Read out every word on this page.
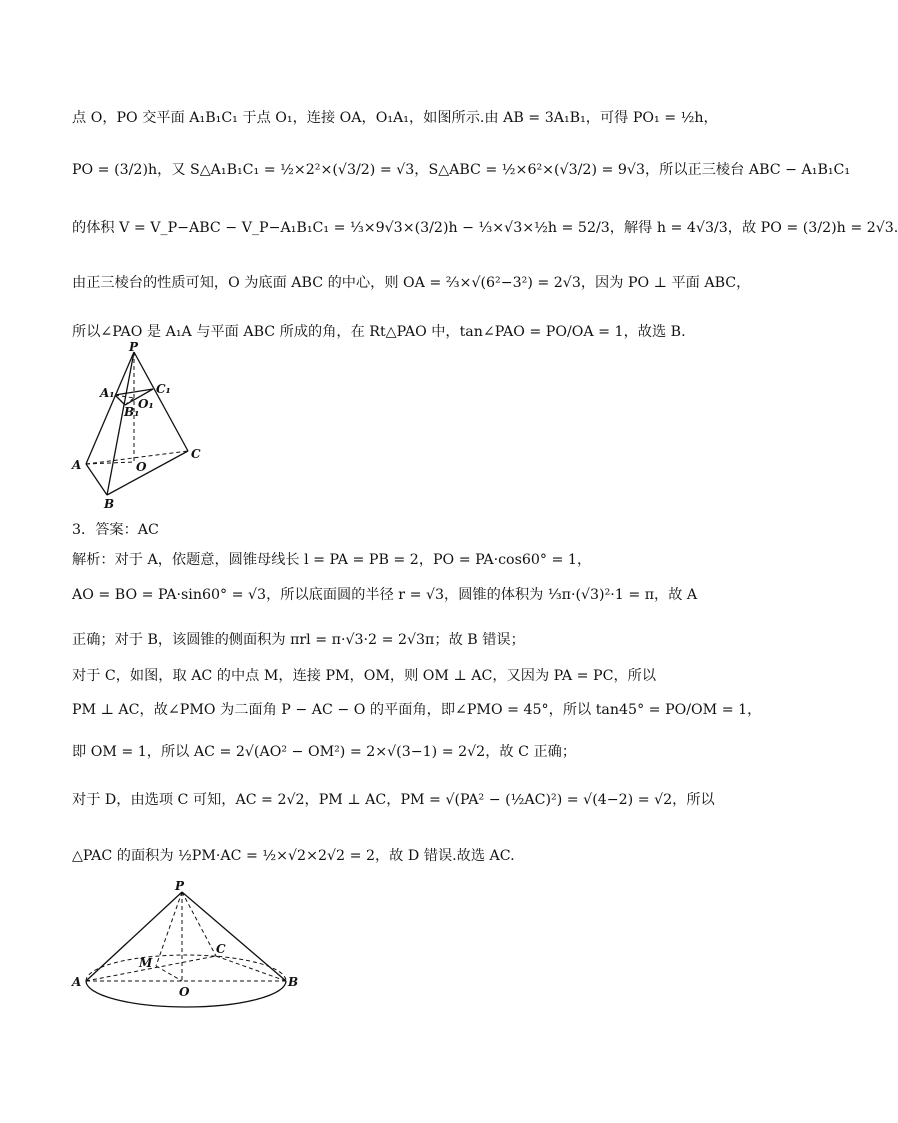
点 O，PO 交平面 A₁B₁C₁ 于点 O₁，连接 OA，O₁A₁，如图所示.由 AB = 3A₁B₁，可得 PO₁ = ½h，
PO = (3/2)h，又 S△A₁B₁C₁ = ½×2²×(√3/2) = √3，S△ABC = ½×6²×(√3/2) = 9√3，所以正三棱台 ABC − A₁B₁C₁
的体积 V = V_P−ABC − V_P−A₁B₁C₁ = ⅓×9√3×(3/2)h − ⅓×√3×½h = 52/3，解得 h = 4√3/3，故 PO = (3/2)h = 2√3.
由正三棱台的性质可知，O 为底面 ABC 的中心，则 OA = ⅔×√(6²−3²) = 2√3，因为 PO ⊥ 平面 ABC，
所以∠PAO 是 A₁A 与平面 ABC 所成的角，在 Rt△PAO 中，tan∠PAO = PO/OA = 1，故选 B.
P
A₁	C₁
B₁
O₁
A	O
C
B
3．答案：AC
解析：对于 A，依题意，圆锥母线长 l = PA = PB = 2，PO = PA·cos60° = 1，
AO = BO = PA·sin60° = √3，所以底面圆的半径 r = √3，圆锥的体积为 ⅓π·(√3)²·1 = π，故 A
正确；对于 B，该圆锥的侧面积为 πrl = π·√3·2 = 2√3π；故 B 错误；
对于 C，如图，取 AC 的中点 M，连接 PM，OM，则 OM ⊥ AC，又因为 PA = PC，所以
PM ⊥ AC，故∠PMO 为二面角 P − AC − O 的平面角，即∠PMO = 45°，所以 tan45° = PO/OM = 1，
即 OM = 1，所以 AC = 2√(AO² − OM²) = 2×√(3−1) = 2√2，故 C 正确；
对于 D，由选项 C 可知，AC = 2√2，PM ⊥ AC，PM = √(PA² − (½AC)²) = √(4−2) = √2，所以
△PAC 的面积为 ½PM·AC = ½×√2×2√2 = 2，故 D 错误.故选 AC.
P
M
C
A
O
B
